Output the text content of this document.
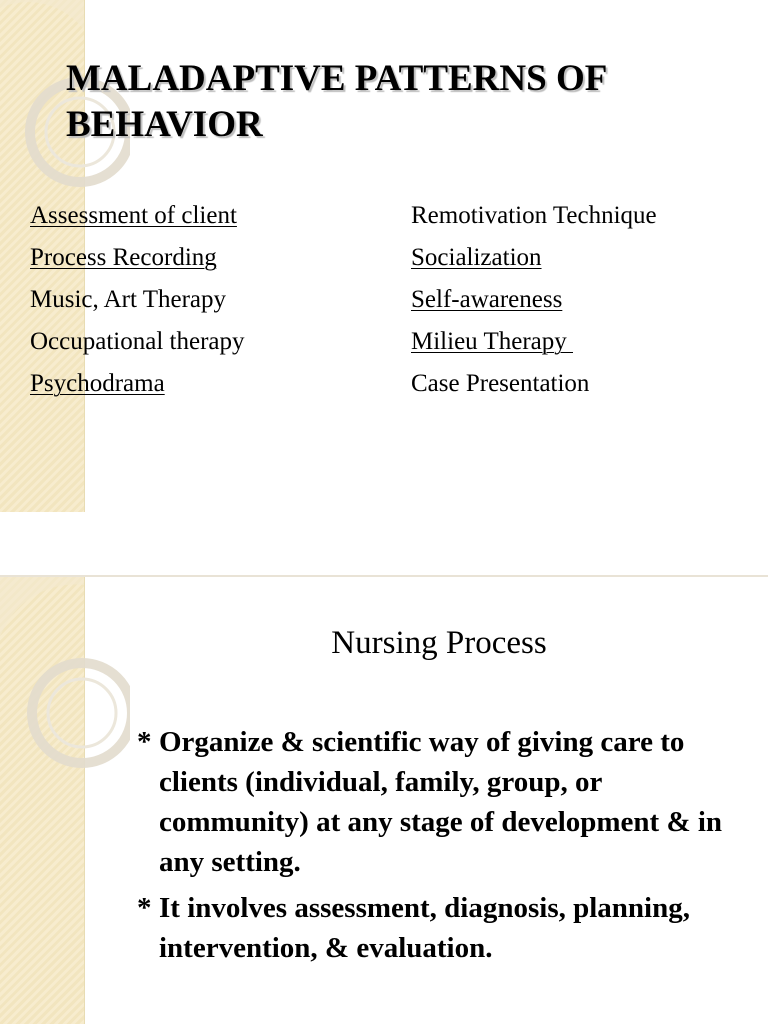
MALADAPTIVE PATTERNS OF BEHAVIOR
Assessment of client
Process Recording
Music, Art Therapy
Occupational therapy
Psychodrama
Remotivation Technique
Socialization
Self-awareness
Milieu Therapy
Case Presentation
Nursing Process
* Organize & scientific way of giving care to clients (individual, family, group, or community) at any stage of development & in any setting.
* It involves assessment, diagnosis, planning, intervention, & evaluation.
